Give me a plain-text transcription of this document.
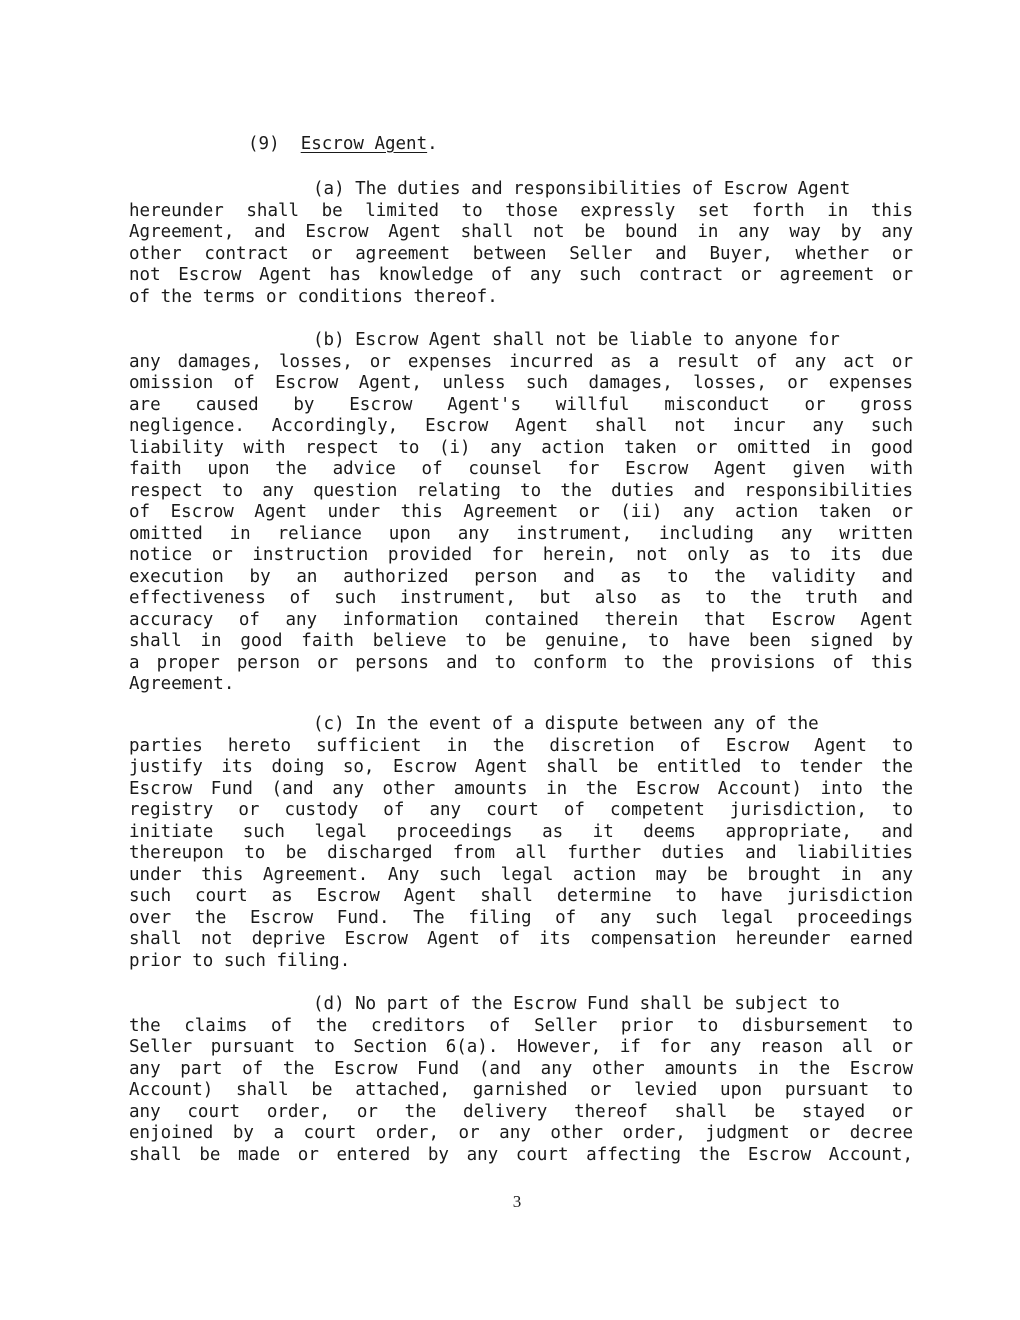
(9) Escrow Agent.
(a) The duties and responsibilities of Escrow Agent
hereunder shall be limited to those expressly set forth in this
Agreement, and Escrow Agent shall not be bound in any way by any
other contract or agreement between Seller and Buyer, whether or
not Escrow Agent has knowledge of any such contract or agreement or
of the terms or conditions thereof.
(b) Escrow Agent shall not be liable to anyone for
any damages, losses, or expenses incurred as a result of any act or
omission of Escrow Agent, unless such damages, losses, or expenses
are caused by Escrow Agent's willful misconduct or gross
negligence. Accordingly, Escrow Agent shall not incur any such
liability with respect to (i) any action taken or omitted in good
faith upon the advice of counsel for Escrow Agent given with
respect to any question relating to the duties and responsibilities
of Escrow Agent under this Agreement or (ii) any action taken or
omitted in reliance upon any instrument, including any written
notice or instruction provided for herein, not only as to its due
execution by an authorized person and as to the validity and
effectiveness of such instrument, but also as to the truth and
accuracy of any information contained therein that Escrow Agent
shall in good faith believe to be genuine, to have been signed by
a proper person or persons and to conform to the provisions of this
Agreement.
(c) In the event of a dispute between any of the
parties hereto sufficient in the discretion of Escrow Agent to
justify its doing so, Escrow Agent shall be entitled to tender the
Escrow Fund (and any other amounts in the Escrow Account) into the
registry or custody of any court of competent jurisdiction, to
initiate such legal proceedings as it deems appropriate, and
thereupon to be discharged from all further duties and liabilities
under this Agreement. Any such legal action may be brought in any
such court as Escrow Agent shall determine to have jurisdiction
over the Escrow Fund. The filing of any such legal proceedings
shall not deprive Escrow Agent of its compensation hereunder earned
prior to such filing.
(d) No part of the Escrow Fund shall be subject to
the claims of the creditors of Seller prior to disbursement to
Seller pursuant to Section 6(a). However, if for any reason all or
any part of the Escrow Fund (and any other amounts in the Escrow
Account) shall be attached, garnished or levied upon pursuant to
any court order, or the delivery thereof shall be stayed or
enjoined by a court order, or any other order, judgment or decree
shall be made or entered by any court affecting the Escrow Account,
3
